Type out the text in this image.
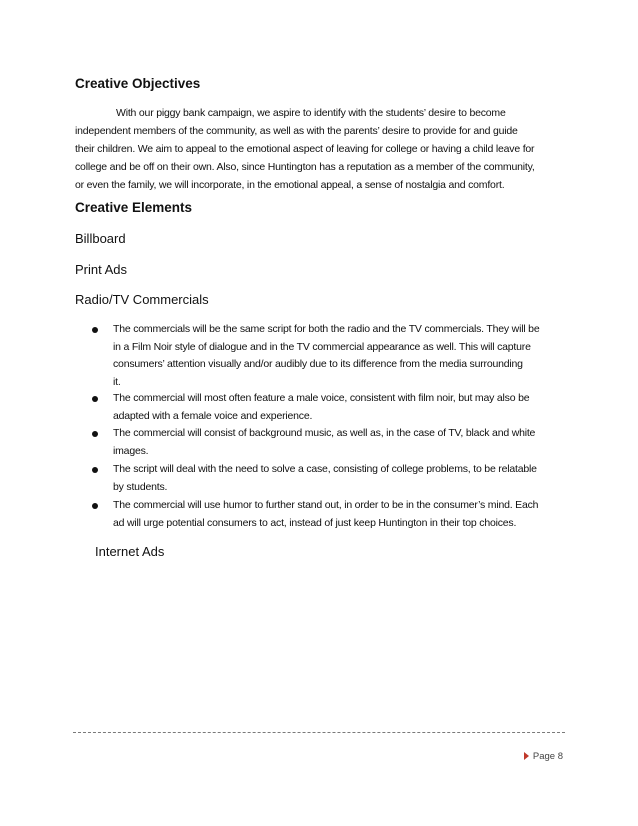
Creative Objectives
With our piggy bank campaign, we aspire to identify with the students’ desire to become
independent members of the community, as well as with the parents’ desire to provide for and guide
their children. We aim to appeal to the emotional aspect of leaving for college or having a child leave for
college and be off on their own. Also, since Huntington has a reputation as a member of the community,
or even the family, we will incorporate, in the emotional appeal, a sense of nostalgia and comfort.
Creative Elements
Billboard
Print Ads
Radio/TV Commercials
The commercials will be the same script for both the radio and the TV commercials. They will be
in a Film Noir style of dialogue and in the TV commercial appearance as well. This will capture
consumers’ attention visually and/or audibly due to its difference from the media surrounding
it.
The commercial will most often feature a male voice, consistent with film noir, but may also be
adapted with a female voice and experience.
The commercial will consist of background music, as well as, in the case of TV, black and white
images.
The script will deal with the need to solve a case, consisting of college problems, to be relatable
by students.
The commercial will use humor to further stand out, in order to be in the consumer’s mind. Each
ad will urge potential consumers to act, instead of just keep Huntington in their top choices.
Internet Ads
Page 8
